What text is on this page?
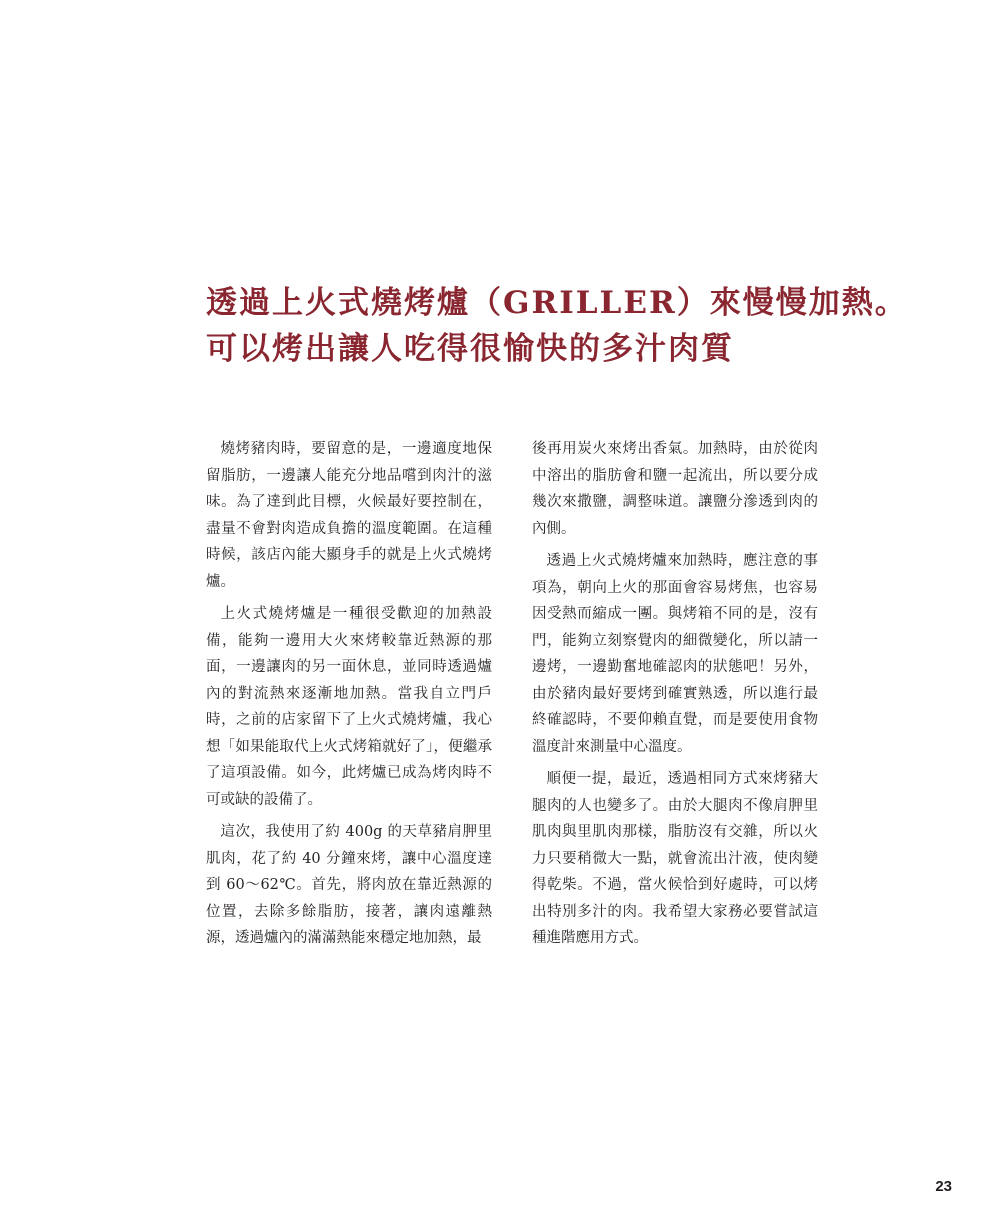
透過上火式燒烤爐（GRILLER）來慢慢加熱。
可以烤出讓人吃得很愉快的多汁肉質

燒烤豬肉時，要留意的是，一邊適度地保留脂肪，一邊讓人能充分地品嚐到肉汁的滋味。為了達到此目標，火候最好要控制在，盡量不會對肉造成負擔的溫度範圍。在這種時候，該店內能大顯身手的就是上火式燒烤爐。

上火式燒烤爐是一種很受歡迎的加熱設備，能夠一邊用大火來烤較靠近熱源的那面，一邊讓肉的另一面休息，並同時透過爐內的對流熱來逐漸地加熱。當我自立門戶時，之前的店家留下了上火式燒烤爐，我心想「如果能取代上火式烤箱就好了」，便繼承了這項設備。如今，此烤爐已成為烤肉時不可或缺的設備了。

這次，我使用了約 400g 的天草豬肩胛里肌肉，花了約 40 分鐘來烤，讓中心溫度達到 60～62℃。首先，將肉放在靠近熱源的位置，去除多餘脂肪，接著，讓肉遠離熱源，透過爐內的滿滿熱能來穩定地加熱，最

後再用炭火來烤出香氣。加熱時，由於從肉中溶出的脂肪會和鹽一起流出，所以要分成幾次來撒鹽，調整味道。讓鹽分滲透到肉的內側。

透過上火式燒烤爐來加熱時，應注意的事項為，朝向上火的那面會容易烤焦，也容易因受熱而縮成一團。與烤箱不同的是，沒有門，能夠立刻察覺肉的細微變化，所以請一邊烤，一邊勤奮地確認肉的狀態吧！另外，由於豬肉最好要烤到確實熟透，所以進行最終確認時，不要仰賴直覺，而是要使用食物溫度計來測量中心溫度。

順便一提，最近，透過相同方式來烤豬大腿肉的人也變多了。由於大腿肉不像肩胛里肌肉與里肌肉那樣，脂肪沒有交雜，所以火力只要稍微大一點，就會流出汁液，使肉變得乾柴。不過，當火候恰到好處時，可以烤出特別多汁的肉。我希望大家務必要嘗試這種進階應用方式。

23
